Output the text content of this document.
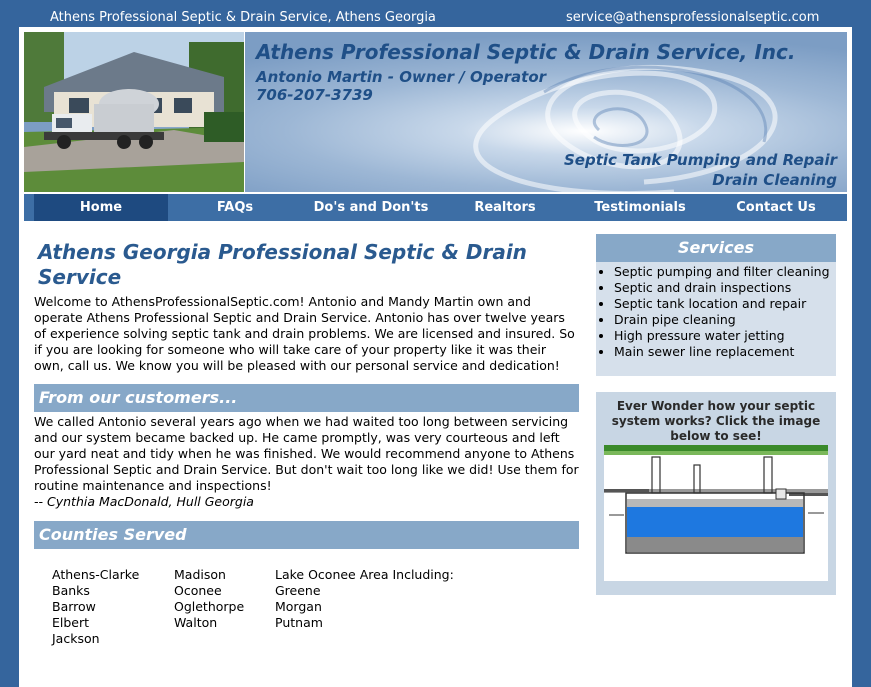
Athens Professional Septic & Drain Service, Athens Georgia	service@athensprofessionalseptic.com
Athens Professional Septic & Drain Service, Inc.
Antonio Martin - Owner / Operator
706-207-3739
Septic Tank Pumping and Repair
Drain Cleaning
Home	FAQs	Do's and Don'ts	Realtors	Testimonials	Contact Us
Athens Georgia Professional Septic & Drain Service

Welcome to AthensProfessionalSeptic.com! Antonio and Mandy Martin own and operate Athens Professional Septic and Drain Service. Antonio has over twelve years of experience solving septic tank and drain problems. We are licensed and insured. So if you are looking for someone who will take care of your property like it was their own, call us. We know you will be pleased with our personal service and dedication!

From our customers...

We called Antonio several years ago when we had waited too long between servicing and our system became backed up. He came promptly, was very courteous and left our yard neat and tidy when he was finished. We would recommend anyone to Athens Professional Septic and Drain Service. But don't wait too long like we did! Use them for routine maintenance and inspections!
-- Cynthia MacDonald, Hull Georgia

Counties Served
Athens-Clarke
Banks
Barrow
Elbert
Jackson
Madison
Oconee
Oglethorpe
Walton
Lake Oconee Area Including:
Greene
Morgan
Putnam
Services
• Septic pumping and filter cleaning
• Septic and drain inspections
• Septic tank location and repair
• Drain pipe cleaning
• High pressure water jetting
• Main sewer line replacement
Ever Wonder how your septic system works? Click the image below to see!
